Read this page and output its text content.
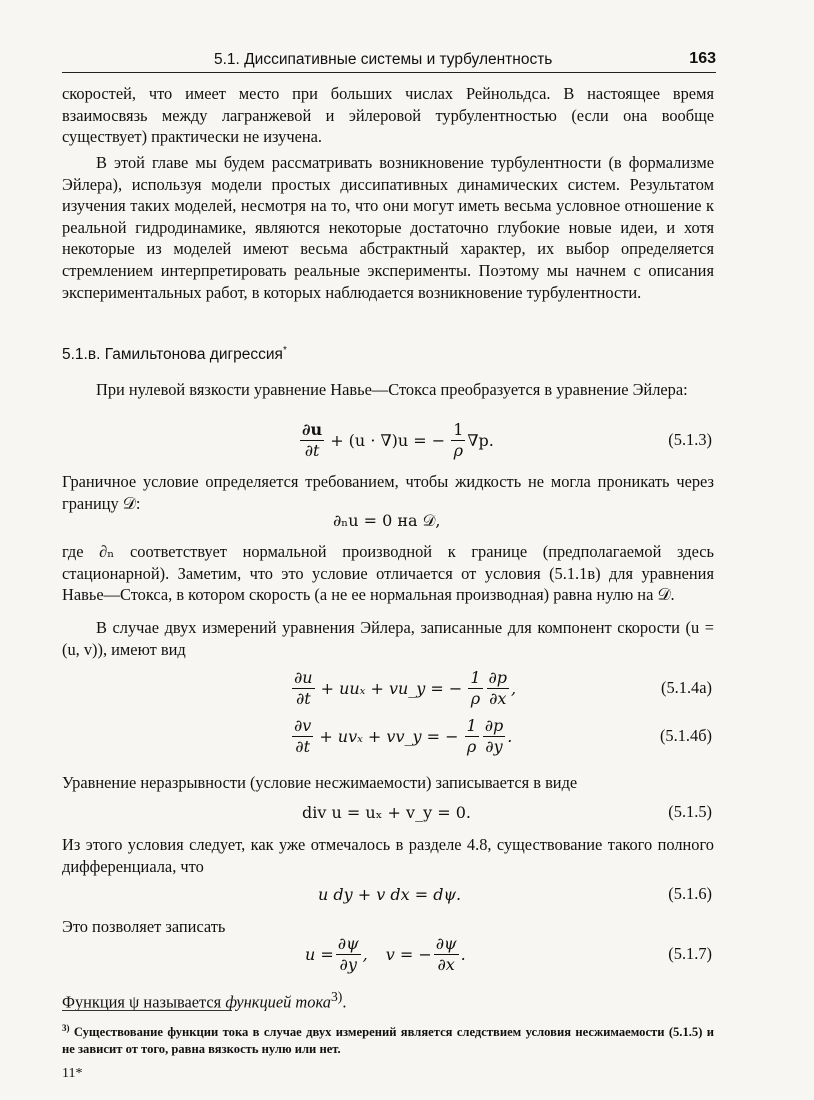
5.1. Диссипативные системы и турбулентность	163

скоростей, что имеет место при больших числах Рейнольдса. В настоящее время взаимосвязь между лагранжевой и эйлеровой турбулентностью (если она вообще существует) практически не изучена.

В этой главе мы будем рассматривать возникновение турбулентности (в формализме Эйлера), используя модели простых диссипативных динамических систем. Результатом изучения таких моделей, несмотря на то, что они могут иметь весьма условное отношение к реальной гидродинамике, являются некоторые достаточно глубокие новые идеи, и хотя некоторые из моделей имеют весьма абстрактный характер, их выбор определяется стремлением интерпретировать реальные эксперименты. Поэтому мы начнем с описания экспериментальных работ, в которых наблюдается возникновение турбулентности.

5.1.в. Гамильтонова дигрессия*

При нулевой вязкости уравнение Навье—Стокса преобразуется в уравнение Эйлера:

$\frac{\partial u}{\partial t} + (u \cdot \nabla)u$ = − $\frac{1}{\rho} \nabla p$.	(5.1.3)

Граничное условие определяется требованием, чтобы жидкость не могла проникать через границу 𝒟:

∂ₙu = 0 на 𝒟,

где ∂ₙ соответствует нормальной производной к границе (предполагаемой здесь стационарной). Заметим, что это условие отличается от условия (5.1.1в) для уравнения Навье—Стокса, в котором скорость (а не ее нормальная производная) равна нулю на 𝒟.

В случае двух измерений уравнения Эйлера, записанные для компонент скорости (u = (u, v)), имеют вид

$\frac{\partial u}{\partial t} + uu_x$ + vu_y = − $\frac{1}{\rho} \frac{\partial p}{\partial x}$ ,	(5.1.4а)
$\frac{\partial v}{\partial t} + uv_x$ + vv_y = − $\frac{1}{\rho} \frac{\partial p}{\partial y}$ .	(5.1.4б)

Уравнение неразрывности (условие несжимаемости) записывается в виде

div u = uₓ + v_y = 0.	(5.1.5)

Из этого условия следует, как уже отмечалось в разделе 4.8, существование такого полного дифференциала, что

u dy + v dx = dψ.	(5.1.6)

Это позволяет записать

$u = \frac{\partial\psi}{\partial y}$ , v = − $\frac{\partial\psi}{\partial x}$ .	(5.1.7)

Функция ψ называется функцией тока$^{3)}$.

$^{3)}$ Существование функции тока в случае двух измерений является следствием условия несжимаемости (5.1.5) и не зависит от того, равна вязкость нулю или нет.

11*
